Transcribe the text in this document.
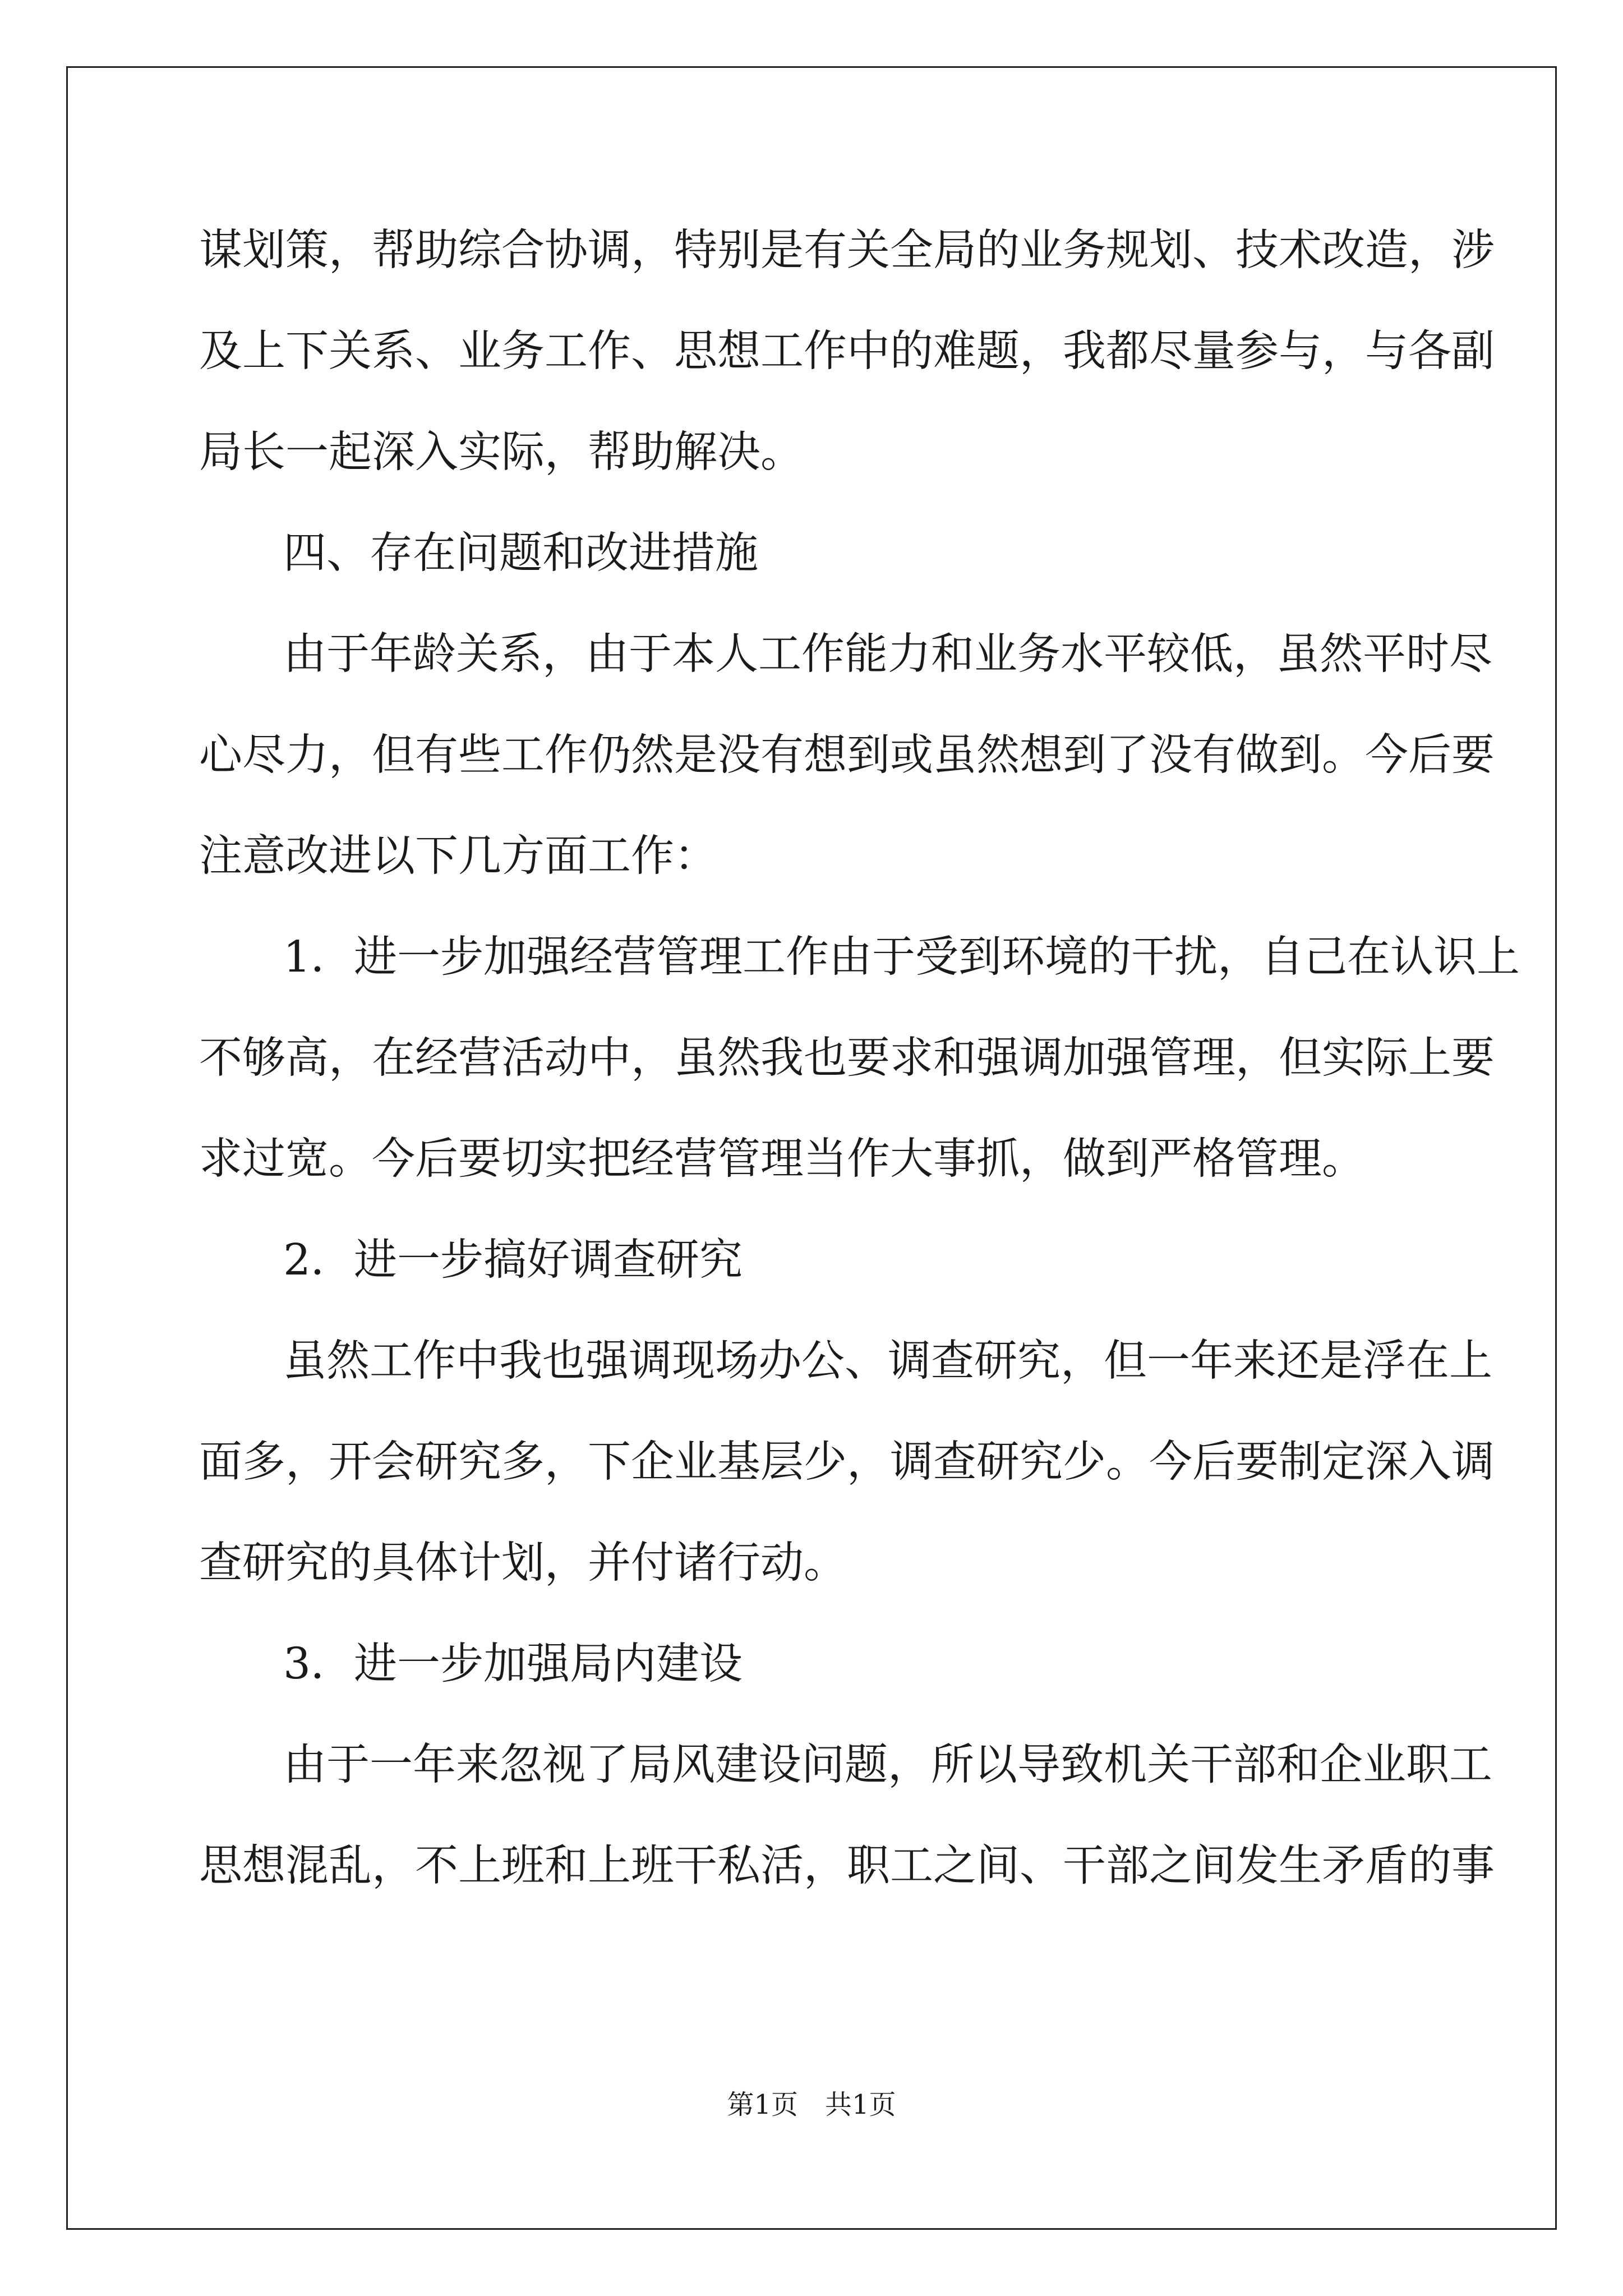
谋划策，帮助综合协调，特别是有关全局的业务规划、技术改造，涉
及上下关系、业务工作、思想工作中的难题，我都尽量参与，与各副
局长一起深入实际，帮助解决。
四、存在问题和改进措施
由于年龄关系，由于本人工作能力和业务水平较低，虽然平时尽
心尽力，但有些工作仍然是没有想到或虽然想到了没有做到。今后要
注意改进以下几方面工作：
1．进一步加强经营管理工作由于受到环境的干扰，自己在认识上
不够高，在经营活动中，虽然我也要求和强调加强管理，但实际上要
求过宽。今后要切实把经营管理当作大事抓，做到严格管理。
2．进一步搞好调查研究
虽然工作中我也强调现场办公、调查研究，但一年来还是浮在上
面多，开会研究多，下企业基层少，调查研究少。今后要制定深入调
查研究的具体计划，并付诸行动。
3．进一步加强局内建设
由于一年来忽视了局风建设问题，所以导致机关干部和企业职工
思想混乱，不上班和上班干私活，职工之间、干部之间发生矛盾的事
第1页　共1页
